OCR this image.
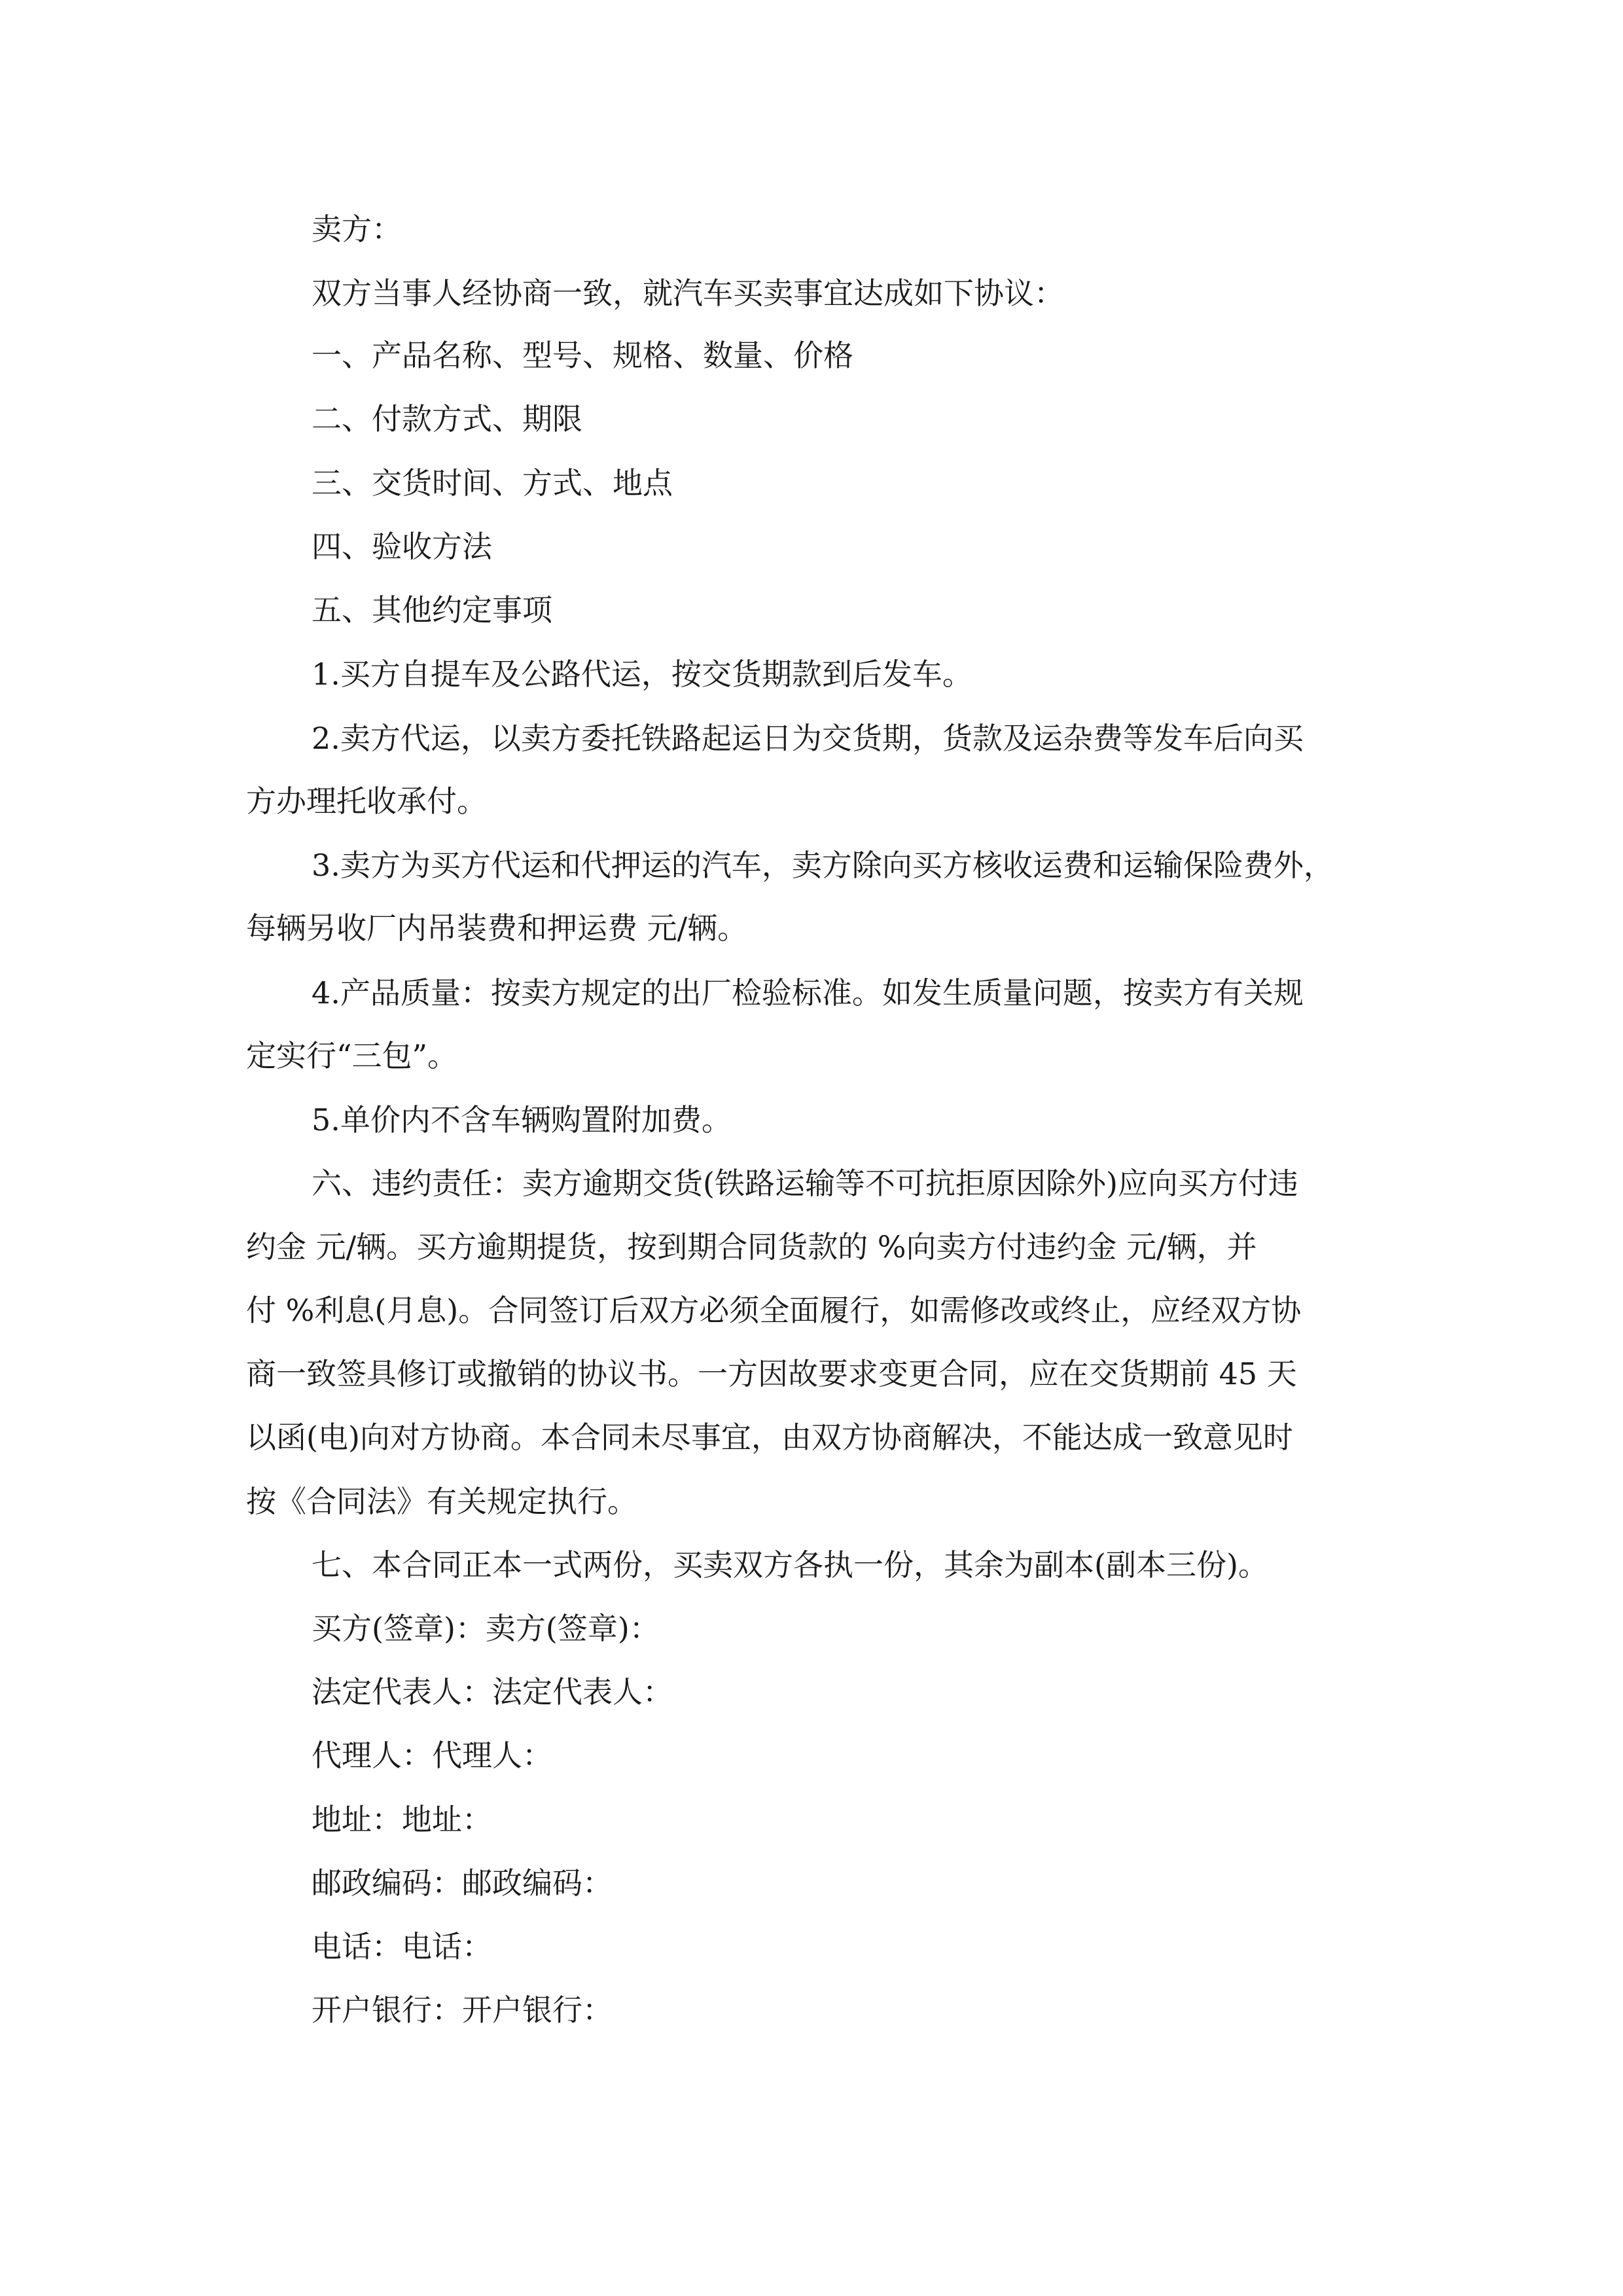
卖方：

双方当事人经协商一致，就汽车买卖事宜达成如下协议：

一、产品名称、型号、规格、数量、价格

二、付款方式、期限

三、交货时间、方式、地点

四、验收方法

五、其他约定事项

1.买方自提车及公路代运，按交货期款到后发车。

2.卖方代运，以卖方委托铁路起运日为交货期，货款及运杂费等发车后向买

方办理托收承付。

3.卖方为买方代运和代押运的汽车，卖方除向买方核收运费和运输保险费外，

每辆另收厂内吊装费和押运费 元/辆。

4.产品质量：按卖方规定的出厂检验标准。如发生质量问题，按卖方有关规

定实行“三包”。

5.单价内不含车辆购置附加费。

六、违约责任：卖方逾期交货(铁路运输等不可抗拒原因除外)应向买方付违

约金 元/辆。买方逾期提货，按到期合同货款的 %向卖方付违约金 元/辆，并

付 %利息(月息)。合同签订后双方必须全面履行，如需修改或终止，应经双方协

商一致签具修订或撤销的协议书。一方因故要求变更合同，应在交货期前 45 天

以函(电)向对方协商。本合同未尽事宜，由双方协商解决，不能达成一致意见时

按《合同法》有关规定执行。

七、本合同正本一式两份，买卖双方各执一份，其余为副本(副本三份)。

买方(签章)：卖方(签章)：
法定代表人：法定代表人：
代理人：代理人：
地址：地址：
邮政编码：邮政编码：
电话：电话：
开户银行：开户银行：
